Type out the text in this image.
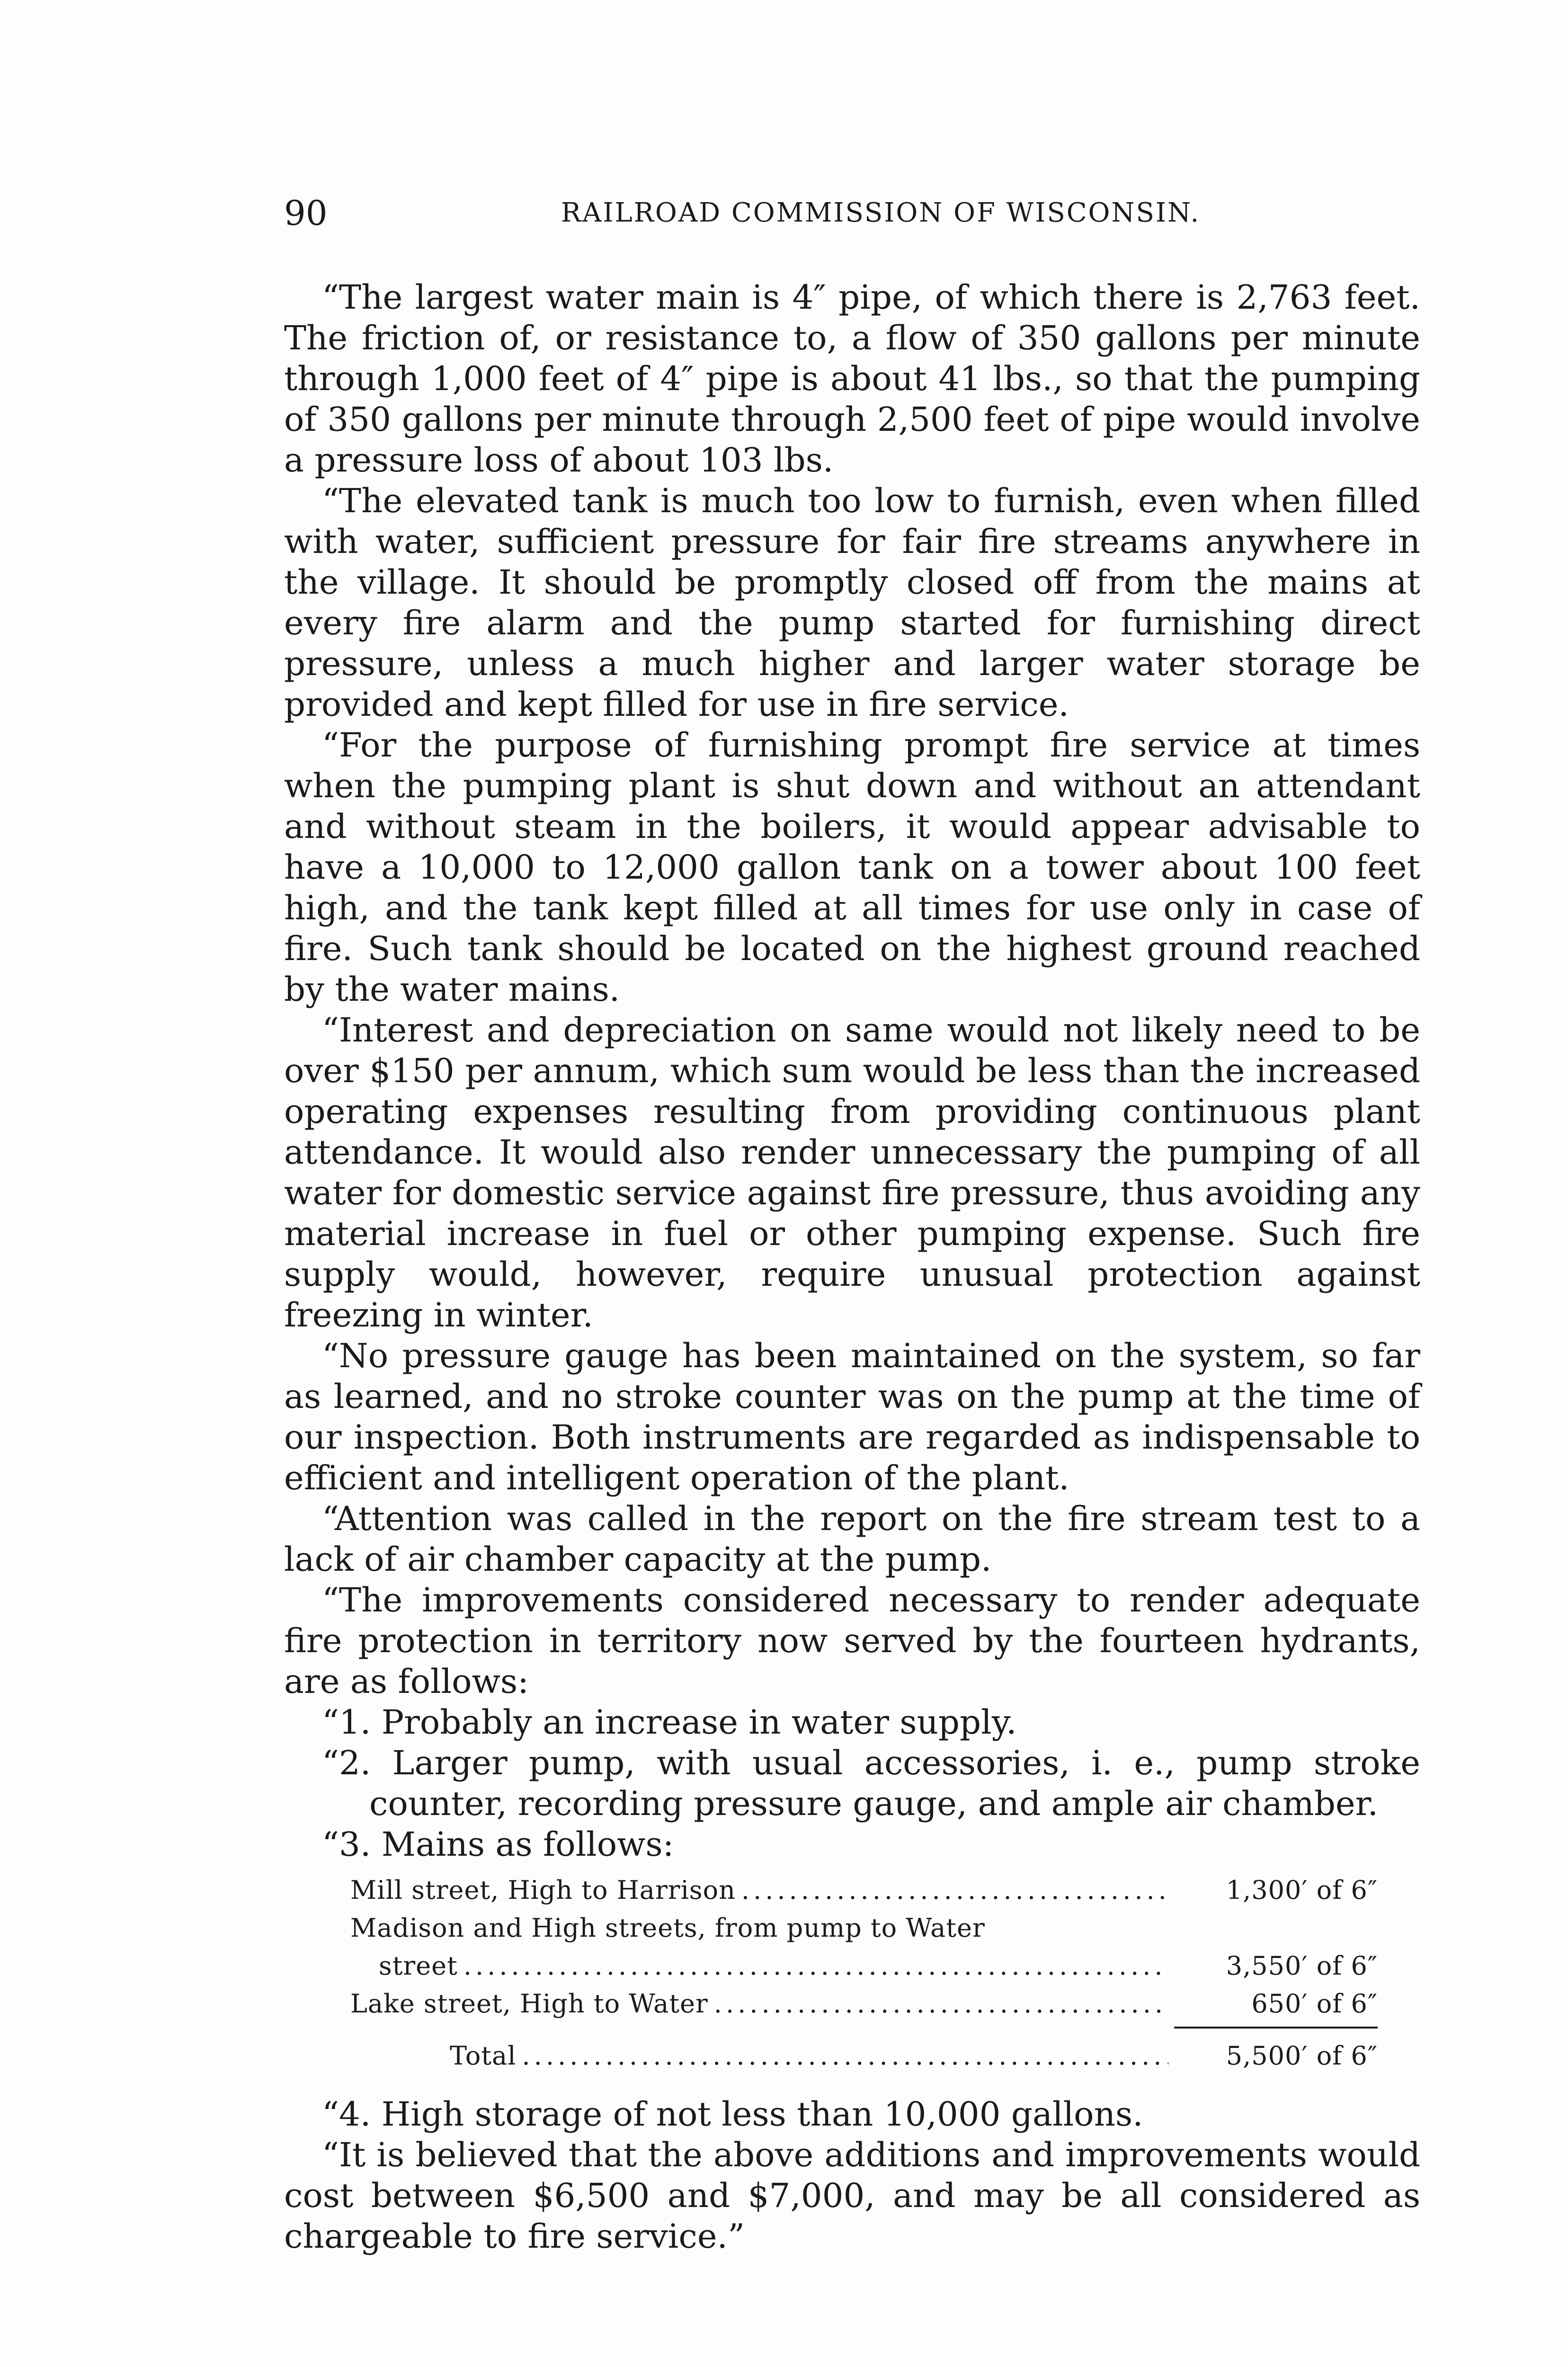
90	RAILROAD COMMISSION OF WISCONSIN.

“The largest water main is 4″ pipe, of which there is 2,763 feet. The friction of, or resistance to, a flow of 350 gallons per minute through 1,000 feet of 4″ pipe is about 41 lbs., so that the pumping of 350 gallons per minute through 2,500 feet of pipe would involve a pressure loss of about 103 lbs.

“The elevated tank is much too low to furnish, even when filled with water, sufficient pressure for fair fire streams anywhere in the village. It should be promptly closed off from the mains at every fire alarm and the pump started for furnishing direct pressure, unless a much higher and larger water storage be provided and kept filled for use in fire service.

“For the purpose of furnishing prompt fire service at times when the pumping plant is shut down and without an attendant and without steam in the boilers, it would appear advisable to have a 10,000 to 12,000 gallon tank on a tower about 100 feet high, and the tank kept filled at all times for use only in case of fire. Such tank should be located on the highest ground reached by the water mains.

“Interest and depreciation on same would not likely need to be over $150 per annum, which sum would be less than the increased operating expenses resulting from providing continuous plant attendance. It would also render unnecessary the pumping of all water for domestic service against fire pressure, thus avoiding any material increase in fuel or other pumping expense. Such fire supply would, however, require unusual protection against freezing in winter.

“No pressure gauge has been maintained on the system, so far as learned, and no stroke counter was on the pump at the time of our inspection. Both instruments are regarded as indispensable to efficient and intelligent operation of the plant.

“Attention was called in the report on the fire stream test to a lack of air chamber capacity at the pump.

“The improvements considered necessary to render adequate fire protection in territory now served by the fourteen hydrants, are as follows:

“1. Probably an increase in water supply.

“2. Larger pump, with usual accessories, i. e., pump stroke counter, recording pressure gauge, and ample air chamber.

“3. Mains as follows:

Mill street, High to Harrison .....	1,300′ of 6″
Madison and High streets, from pump to Water
street .....	3,550′ of 6″
Lake street, High to Water .....	650′ of 6″
Total .....	5,500′ of 6″

“4. High storage of not less than 10,000 gallons.

“It is believed that the above additions and improvements would cost between $6,500 and $7,000, and may be all considered as chargeable to fire service.”
